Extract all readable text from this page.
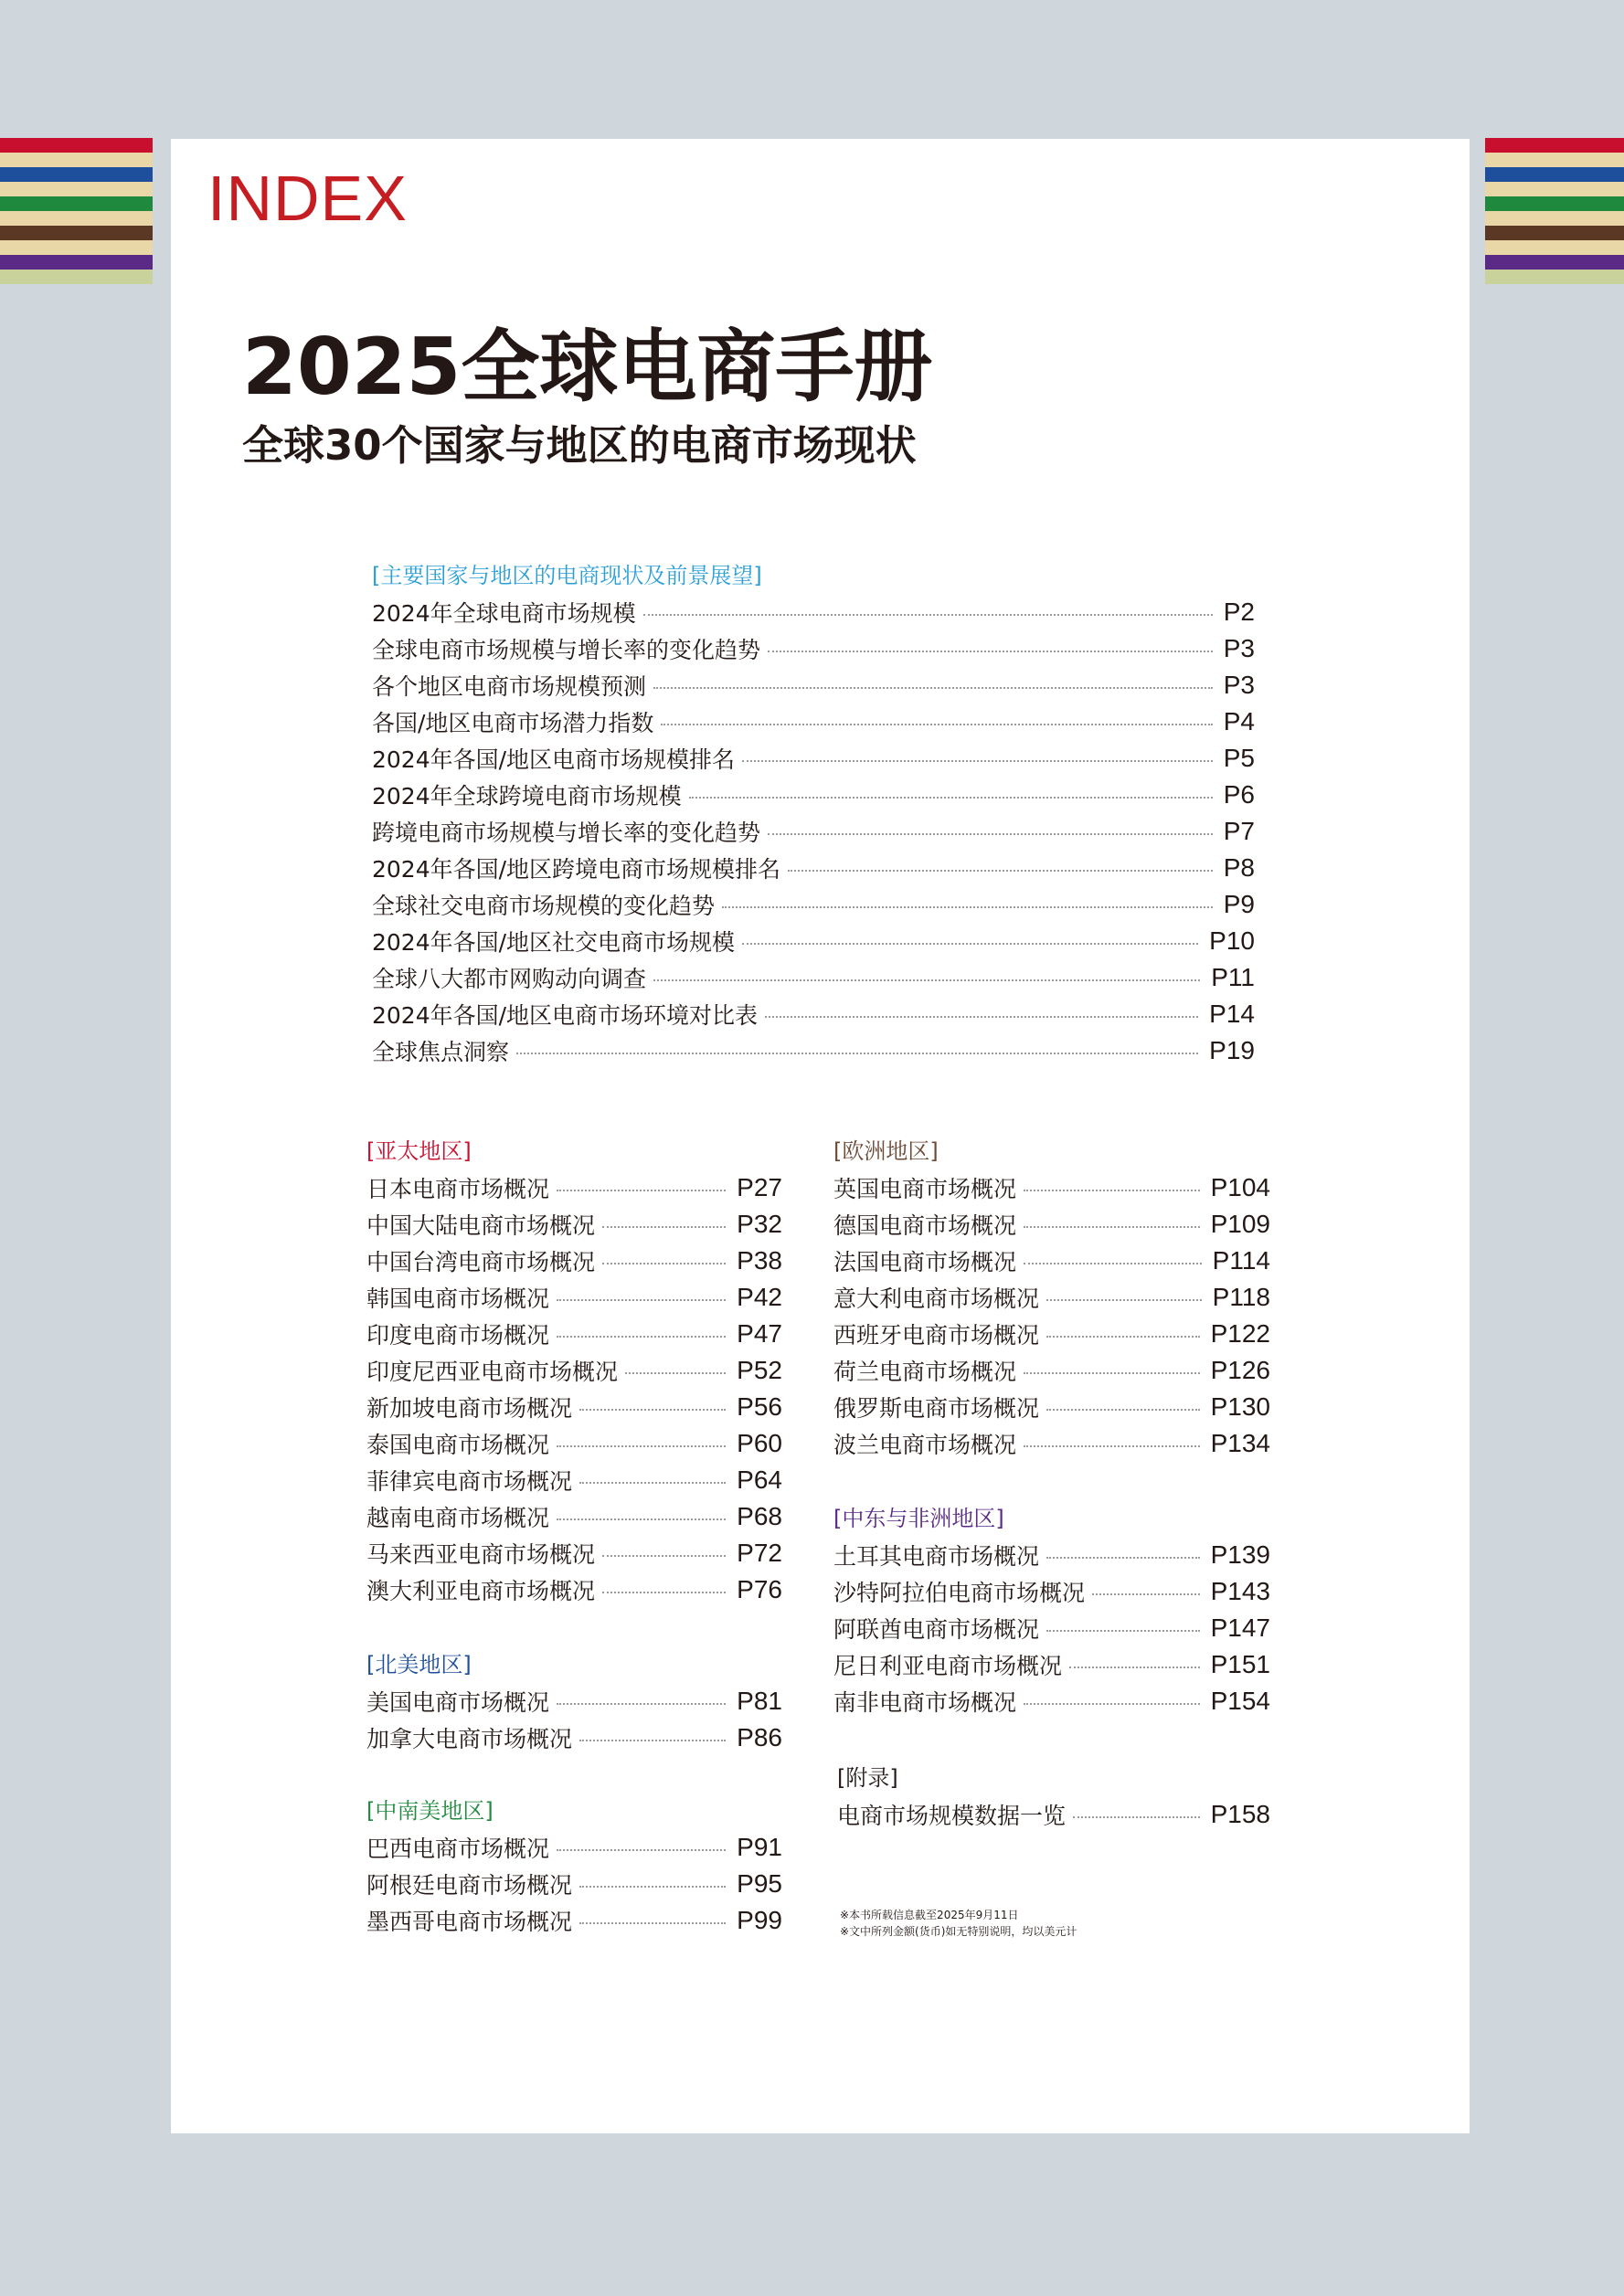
INDEX
2025全球电商手册
全球30个国家与地区的电商市场现状
[主要国家与地区的电商现状及前景展望]
2024年全球电商市场规模	P2
全球电商市场规模与增长率的变化趋势	P3
各个地区电商市场规模预测	P3
各国/地区电商市场潜力指数	P4
2024年各国/地区电商市场规模排名	P5
2024年全球跨境电商市场规模	P6
跨境电商市场规模与增长率的变化趋势	P7
2024年各国/地区跨境电商市场规模排名	P8
全球社交电商市场规模的变化趋势	P9
2024年各国/地区社交电商市场规模	P10
全球八大都市网购动向调查	P11
2024年各国/地区电商市场环境对比表	P14
全球焦点洞察	P19
[亚太地区]
日本电商市场概况	P27
中国大陆电商市场概况	P32
中国台湾电商市场概况	P38
韩国电商市场概况	P42
印度电商市场概况	P47
印度尼西亚电商市场概况	P52
新加坡电商市场概况	P56
泰国电商市场概况	P60
菲律宾电商市场概况	P64
越南电商市场概况	P68
马来西亚电商市场概况	P72
澳大利亚电商市场概况	P76
[北美地区]
美国电商市场概况	P81
加拿大电商市场概况	P86
[中南美地区]
巴西电商市场概况	P91
阿根廷电商市场概况	P95
墨西哥电商市场概况	P99
[欧洲地区]
英国电商市场概况	P104
德国电商市场概况	P109
法国电商市场概况	P114
意大利电商市场概况	P118
西班牙电商市场概况	P122
荷兰电商市场概况	P126
俄罗斯电商市场概况	P130
波兰电商市场概况	P134
[中东与非洲地区]
土耳其电商市场概况	P139
沙特阿拉伯电商市场概况	P143
阿联酋电商市场概况	P147
尼日利亚电商市场概况	P151
南非电商市场概况	P154
[附录]
电商市场规模数据一览	P158
※本书所载信息截至2025年9月11日
※文中所列金额(货币)如无特别说明，均以美元计
